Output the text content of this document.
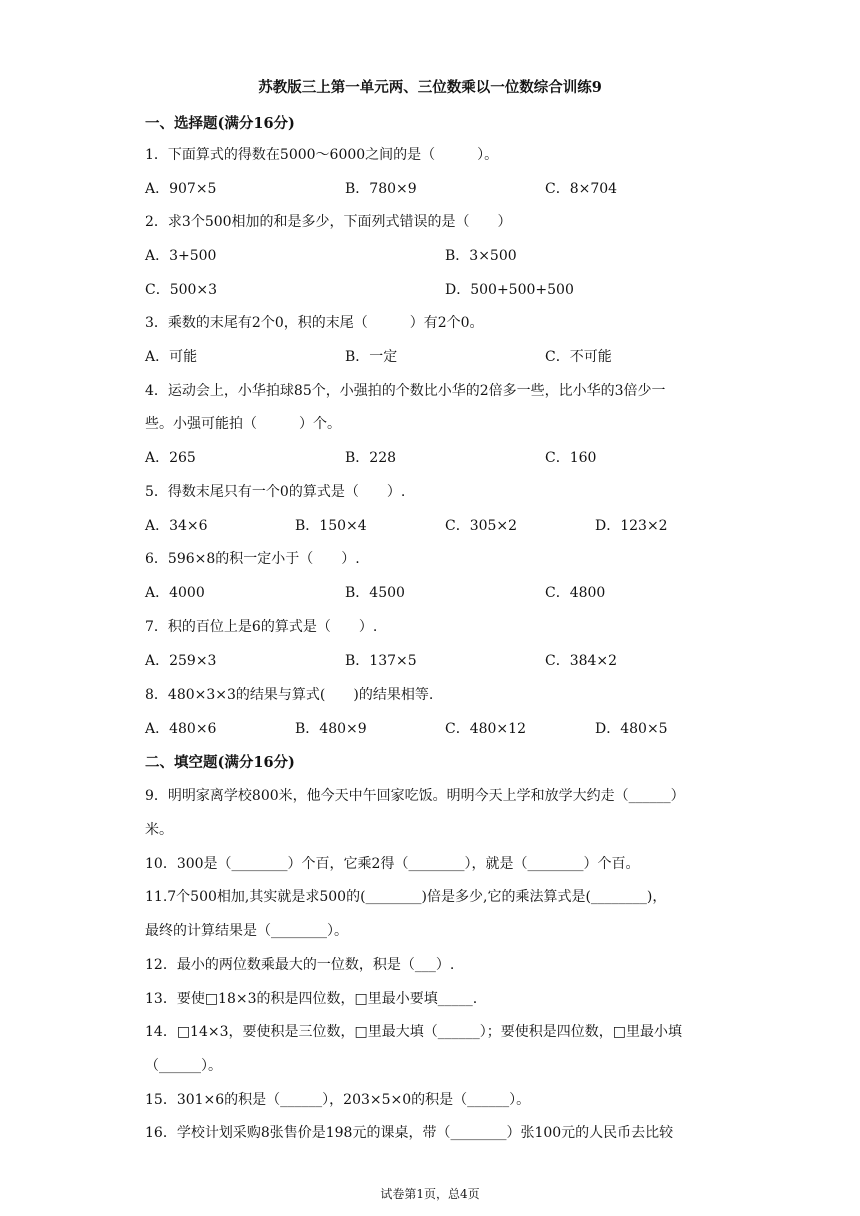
苏教版三上第一单元两、三位数乘以一位数综合训练9
一、选择题(满分16分)
1．下面算式的得数在5000～6000之间的是（　　　）。
A．907×5	B．780×9	C．8×704
2．求3个500相加的和是多少，下面列式错误的是（　　）
A．3+500	B．3×500
C．500×3	D．500+500+500
3．乘数的末尾有2个0，积的末尾（　　　）有2个0。
A．可能	B．一定	C．不可能
4．运动会上，小华拍球85个，小强拍的个数比小华的2倍多一些，比小华的3倍少一
些。小强可能拍（　　　）个。
A．265	B．228	C．160
5．得数末尾只有一个0的算式是（　　）.
A．34×6	B．150×4	C．305×2	D．123×2
6．596×8的积一定小于（　　）.
A．4000	B．4500	C．4800
7．积的百位上是6的算式是（　　）.
A．259×3	B．137×5	C．384×2
8．480×3×3的结果与算式(　　)的结果相等.
A．480×6	B．480×9	C．480×12	D．480×5
二、填空题(满分16分)
9．明明家离学校800米，他今天中午回家吃饭。明明今天上学和放学大约走（______）
米。
10．300是（________）个百，它乘2得（________），就是（________）个百。
11.7个500相加,其实就是求500的(________)倍是多少,它的乘法算式是(________)，
最终的计算结果是（________）。
12．最小的两位数乘最大的一位数，积是（___）.
13．要使□18×3的积是四位数，□里最小要填_____.
14．□14×3，要使积是三位数，□里最大填（______）；要使积是四位数，□里最小填
（______）。
15．301×6的积是（______），203×5×0的积是（______）。
16．学校计划采购8张售价是198元的课桌，带（________）张100元的人民币去比较
试卷第1页，总4页
